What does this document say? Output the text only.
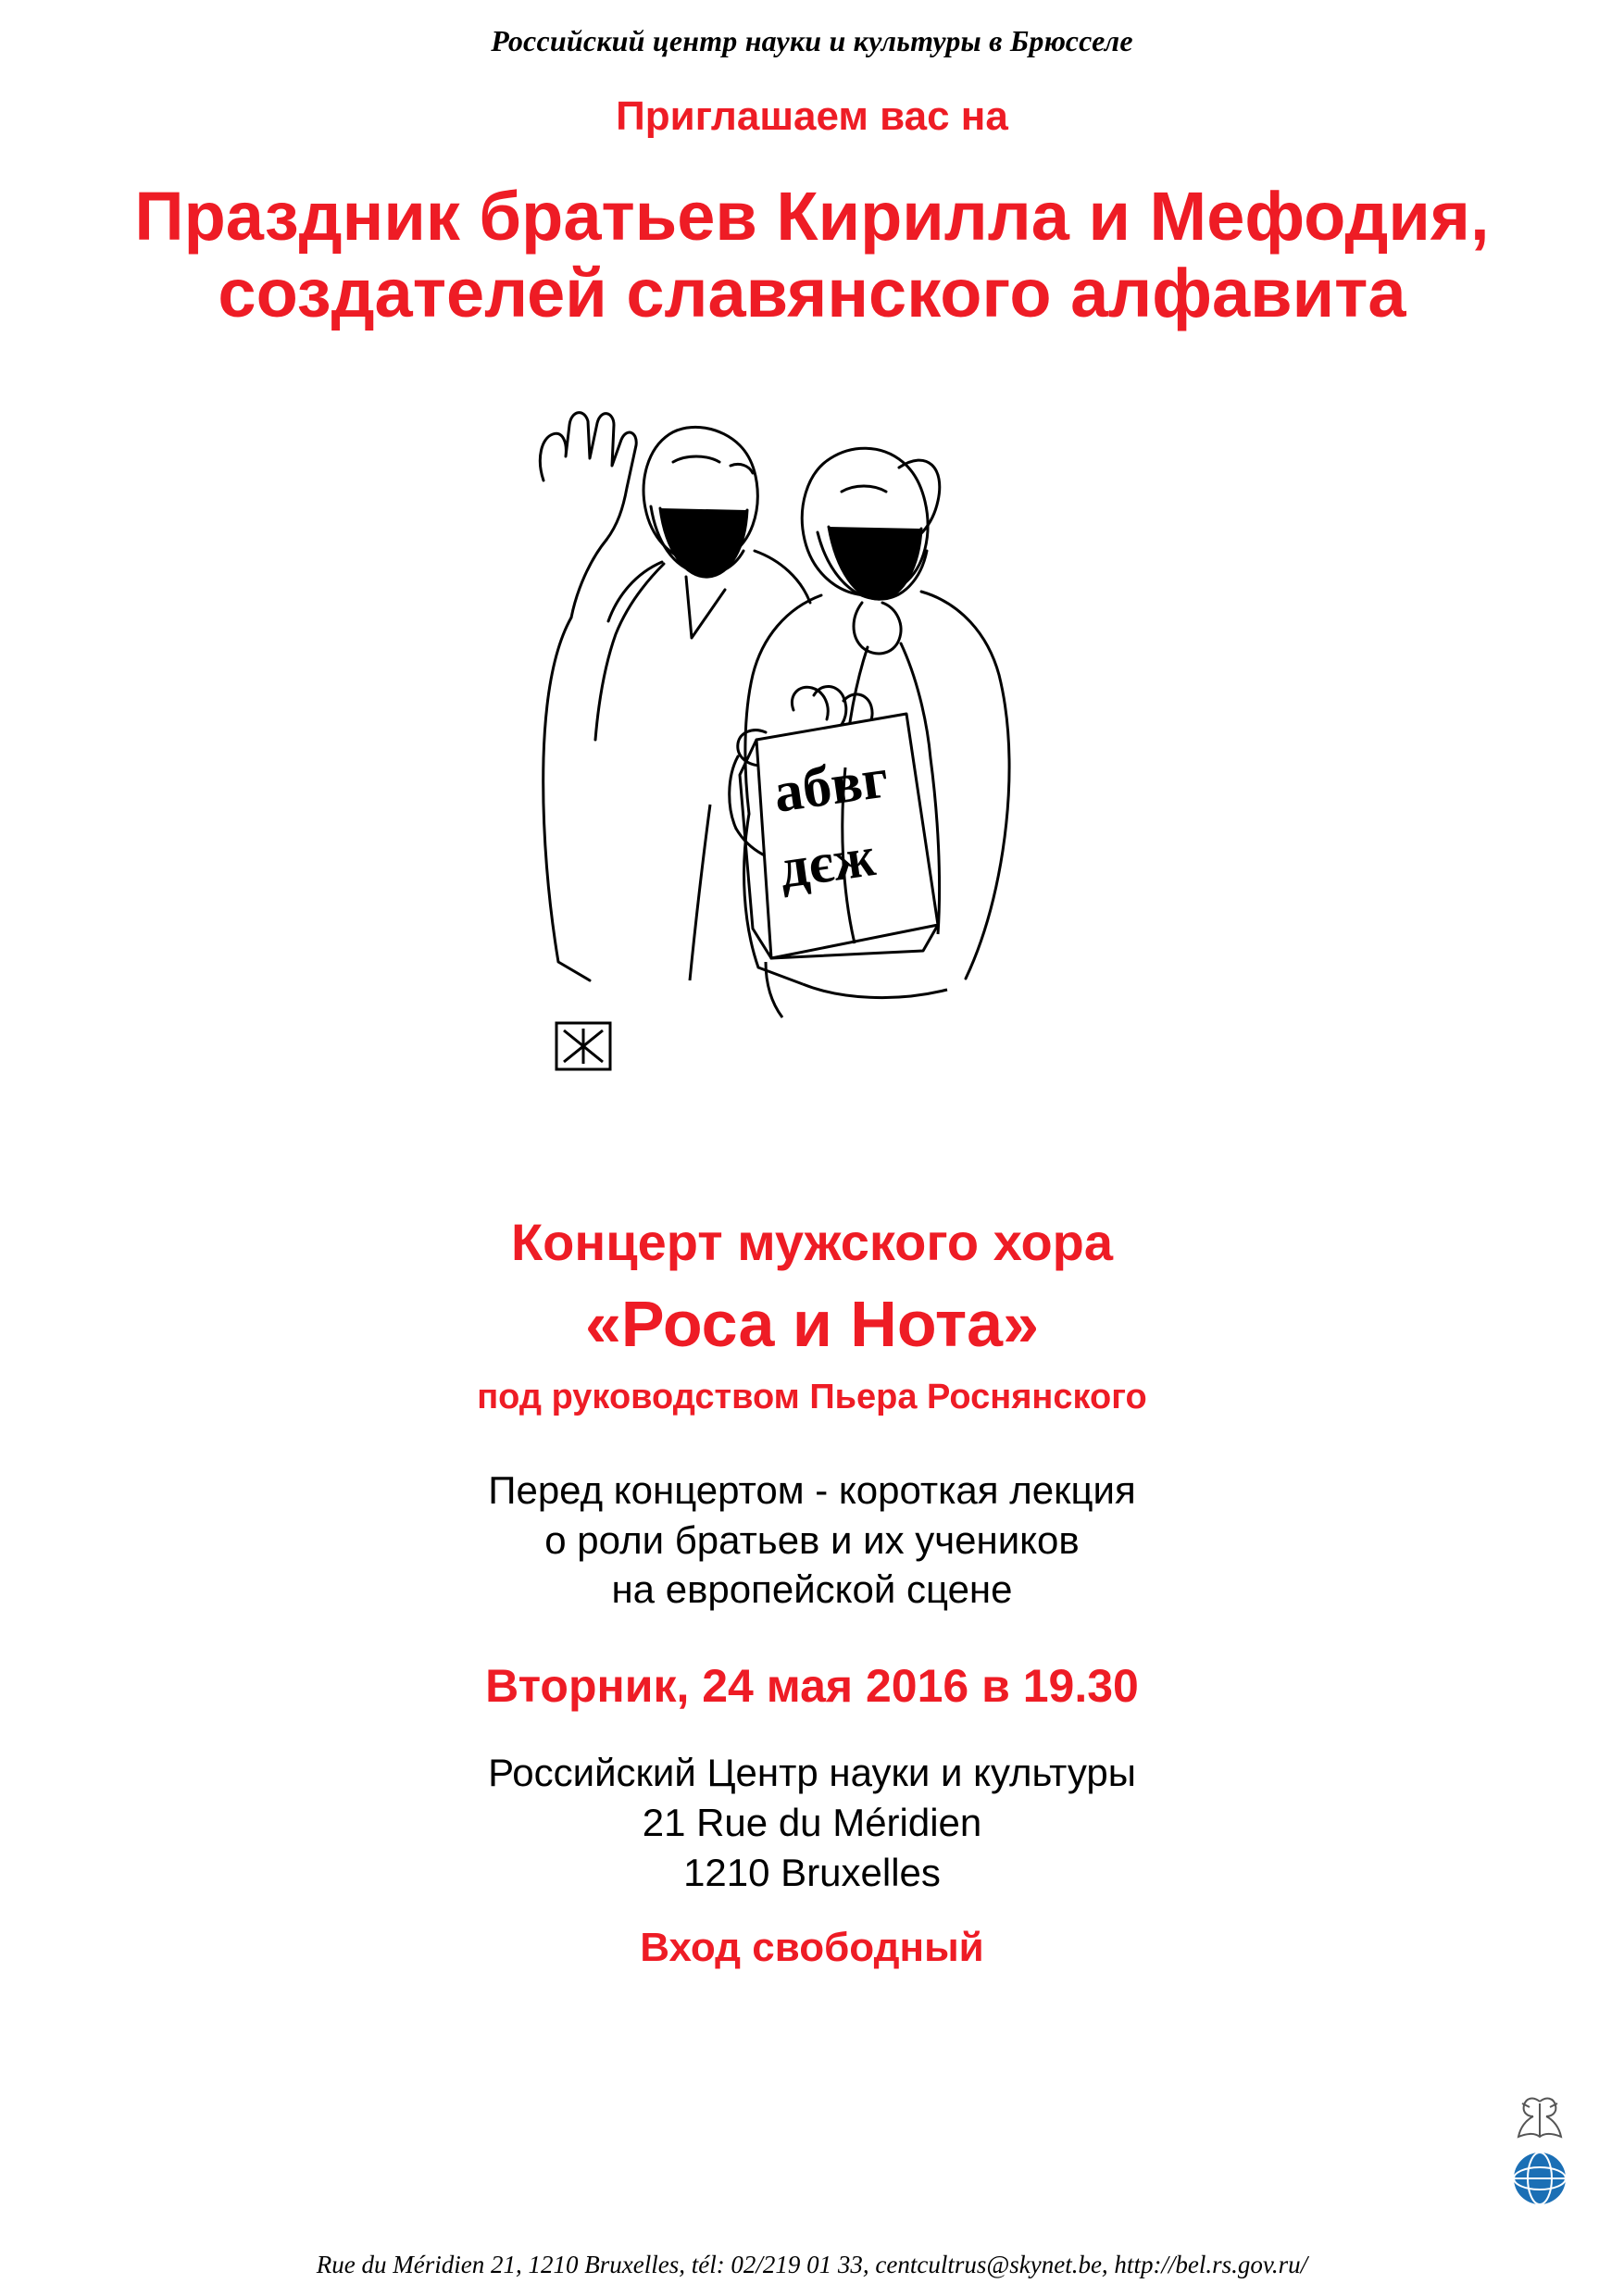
Российский центр науки и культуры в Брюсселе
Приглашаем вас на
Праздник братьев Кирилла и Мефодия,
создателей славянского алфавита
абвг
дєж
Концерт мужского хора
«Роса и Нота»
под руководством Пьера Роснянского
Перед концертом - короткая лекция
о роли братьев и их учеников
на европейской сцене
Вторник, 24 мая 2016 в 19.30
Российский Центр науки и культуры
21 Rue du Méridien
1210 Bruxelles
Вход свободный
Rue du Méridien 21, 1210 Bruxelles, tél: 02/219 01 33, centcultrus@skynet.be, http://bel.rs.gov.ru/
